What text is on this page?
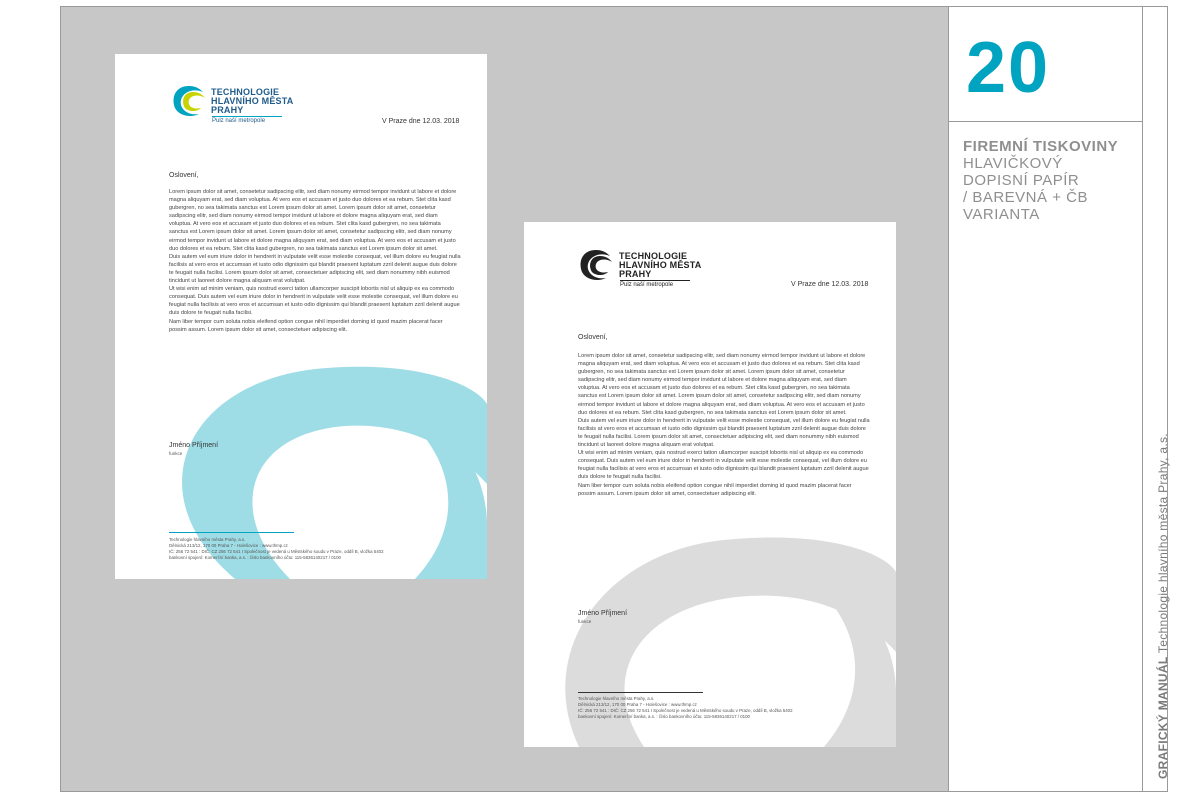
TECHNOLOGIE
HLAVNÍHO MĚSTA
PRAHY
Pulz naší metropole	V Praze dne 12.03. 2018
Oslovení,

Lorem ipsum dolor sit amet, consetetur sadipscing elitr, sed diam nonumy eirmod tempor invidunt ut labore et dolore magna aliquyam erat, sed diam voluptua. At vero eos et accusam et justo duo dolores et ea rebum. Stet clita kasd gubergren, no sea takimata sanctus est Lorem ipsum dolor sit amet. Lorem ipsum dolor sit amet, consetetur sadipscing elitr, sed diam nonumy eirmod tempor invidunt ut labore et dolore magna aliquyam erat, sed diam voluptua. At vero eos et accusam et justo duo dolores et ea rebum. Stet clita kasd gubergren, no sea takimata sanctus est Lorem ipsum dolor sit amet. Lorem ipsum dolor sit amet, consetetur sadipscing elitr, sed diam nonumy eirmod tempor invidunt ut labore et dolore magna aliquyam erat, sed diam voluptua. At vero eos et accusam et justo duo dolores et ea rebum. Stet clita kasd gubergren, no sea takimata sanctus est Lorem ipsum dolor sit amet.

Duis autem vel eum iriure dolor in hendrerit in vulputate velit esse molestie consequat, vel illum dolore eu feugiat nulla facilisis at vero eros et accumsan et iusto odio dignissim qui blandit praesent luptatum zzril delenit augue duis dolore te feugait nulla facilisi. Lorem ipsum dolor sit amet, consectetuer adipiscing elit, sed diam nonummy nibh euismod tincidunt ut laoreet dolore magna aliquam erat volutpat.

Ut wisi enim ad minim veniam, quis nostrud exerci tation ullamcorper suscipit lobortis nisl ut aliquip ex ea commodo consequat. Duis autem vel eum iriure dolor in hendrerit in vulputate velit esse molestie consequat, vel illum dolore eu feugiat nulla facilisis at vero eros et accumsan et iusto odio dignissim qui blandit praesent luptatum zzril delenit augue duis dolore te feugait nulla facilisi.

Nam liber tempor cum soluta nobis eleifend option congue nihil imperdiet doming id quod mazim placerat facer possim assum. Lorem ipsum dolor sit amet, consectetuer adipiscing elit.

Jméno Příjmení
funkce
Technologie hlavního města Prahy, a.s.
Dělnická 213/12, 170 00 Praha 7 - Holešovice : www.thmp.cz
IČ: 256 72 541 : DIČ: CZ 256 72 541 I Společnost je vedená u Městského soudu v Praze, oddíl B, vložka 5402
bankovní spojení: Komerční banka, a.s. : číslo bankovního účtu: 115-5836140217 / 0100
TECHNOLOGIE
HLAVNÍHO MĚSTA
PRAHY
Pulz naší metropole	V Praze dne 12.03. 2018
Oslovení,

Lorem ipsum dolor sit amet, consetetur sadipscing elitr, sed diam nonumy eirmod tempor invidunt ut labore et dolore magna aliquyam erat, sed diam voluptua. At vero eos et accusam et justo duo dolores et ea rebum. Stet clita kasd gubergren, no sea takimata sanctus est Lorem ipsum dolor sit amet. Lorem ipsum dolor sit amet, consetetur sadipscing elitr, sed diam nonumy eirmod tempor invidunt ut labore et dolore magna aliquyam erat, sed diam voluptua. At vero eos et accusam et justo duo dolores et ea rebum. Stet clita kasd gubergren, no sea takimata sanctus est Lorem ipsum dolor sit amet. Lorem ipsum dolor sit amet, consetetur sadipscing elitr, sed diam nonumy eirmod tempor invidunt ut labore et dolore magna aliquyam erat, sed diam voluptua. At vero eos et accusam et justo duo dolores et ea rebum. Stet clita kasd gubergren, no sea takimata sanctus est Lorem ipsum dolor sit amet.

Duis autem vel eum iriure dolor in hendrerit in vulputate velit esse molestie consequat, vel illum dolore eu feugiat nulla facilisis at vero eros et accumsan et iusto odio dignissim qui blandit praesent luptatum zzril delenit augue duis dolore te feugait nulla facilisi. Lorem ipsum dolor sit amet, consectetuer adipiscing elit, sed diam nonummy nibh euismod tincidunt ut laoreet dolore magna aliquam erat volutpat.

Ut wisi enim ad minim veniam, quis nostrud exerci tation ullamcorper suscipit lobortis nisl ut aliquip ex ea commodo consequat. Duis autem vel eum iriure dolor in hendrerit in vulputate velit esse molestie consequat, vel illum dolore eu feugiat nulla facilisis at vero eros et accumsan et iusto odio dignissim qui blandit praesent luptatum zzril delenit augue duis dolore te feugait nulla facilisi.

Nam liber tempor cum soluta nobis eleifend option congue nihil imperdiet doming id quod mazim placerat facer possim assum. Lorem ipsum dolor sit amet, consectetuer adipiscing elit.

Jméno Příjmení
funkce
Technologie hlavního města Prahy, a.s.
Dělnická 213/12, 170 00 Praha 7 - Holešovice : www.thmp.cz
IČ: 256 72 541 : DIČ: CZ 256 72 541 I Společnost je vedená u Městského soudu v Praze, oddíl B, vložka 5402
bankovní spojení: Komerční banka, a.s. : číslo bankovního účtu: 115-5836140217 / 0100
20
FIREMNÍ TISKOVINY
HLAVIČKOVÝ
DOPISNÍ PAPÍR
/ BAREVNÁ + ČB
VARIANTA
GRAFICKÝ MANUÁL Technologie hlavního města Prahy, a.s.
